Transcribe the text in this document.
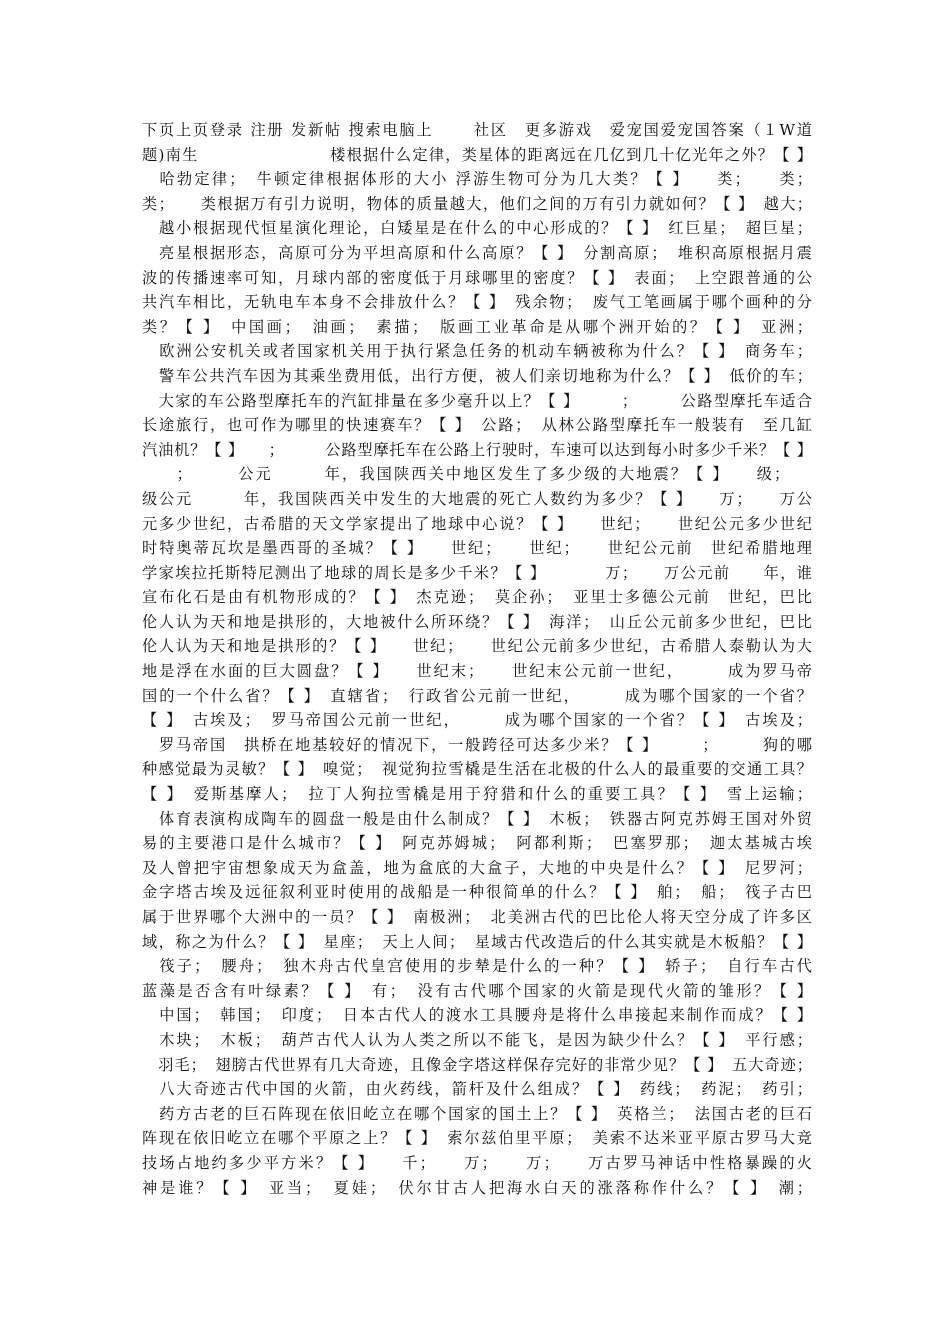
下页上页登录 注册 发新帖 搜索电脑上　　 社区　更多游戏　爱宠国爱宠国答案（１W道
题)南生　　　　　　　　楼根据什么定律，类星体的距离远在几亿到几十亿光年之外？【 】
　哈勃定律；　牛顿定律根据体形的大小 浮游生物可分为几大类？【 】　　类；　　类；
类；　　类根据万有引力说明，物体的质量越大，他们之间的万有引力就如何？【 】　越大；
　越小根据现代恒星演化理论，白矮星是在什么的中心形成的？【 】　红巨星；　超巨星；
　亮星根据形态，高原可分为平坦高原和什么高原？【 】　分割高原；　堆积高原根据月震
波的传播速率可知，月球内部的密度低于月球哪里的密度？【 】　表面；　上空跟普通的公
共汽车相比，无轨电车本身不会排放什么？【 】　残余物；　废气工笔画属于哪个画种的分
类？【 】　中国画；　油画；　素描；　版画工业革命是从哪个洲开始的？【 】　亚洲；
　欧洲公安机关或者国家机关用于执行紧急任务的机动车辆被称为什么？【 】　商务车；
　警车公共汽车因为其乘坐费用低，出行方便，被人们亲切地称为什么？【 】　低价的车；
　大家的车公路型摩托车的汽缸排量在多少毫升以上？【 】　　　；　　　公路型摩托车适合
长途旅行，也可作为哪里的快速赛车？【 】　公路；　从林公路型摩托车一般装有　至几缸
汽油机？【 】　　；　　　公路型摩托车在公路上行驶时，车速可以达到每小时多少千米？【 】
　　；　　　公元　　　年，我国陕西关中地区发生了多少级的大地震？【 】　　级；　　
级公元　　　年，我国陕西关中发生的大地震的死亡人数约为多少？【 】　　万；　　万公
元多少世纪，古希腊的天文学家提出了地球中心说？【 】　　世纪；　　世纪公元多少世纪
时特奥蒂瓦坎是墨西哥的圣城？【 】　　世纪；　　世纪；　　世纪公元前　世纪希腊地理
学家埃拉托斯特尼测出了地球的周长是多少千米？【 】　　　　万；　　万公元前　　年，谁
宣布化石是由有机物形成的？【 】　杰克逊；　莫企孙；　亚里士多德公元前　世纪，巴比
伦人认为天和地是拱形的，大地被什么所环绕？【 】　海洋；　山丘公元前多少世纪，巴比
伦人认为天和地是拱形的？【 】　　世纪；　　世纪公元前多少世纪，古希腊人泰勒认为大
地是浮在水面的巨大圆盘？【 】　　世纪末；　　世纪末公元前一世纪，　　　成为罗马帝
国的一个什么省？【 】　直辖省；　行政省公元前一世纪，　　　成为哪个国家的一个省？
【 】　古埃及；　罗马帝国公元前一世纪，　　　成为哪个国家的一个省？【 】　古埃及；
　罗马帝国　拱桥在地基较好的情况下，一般跨径可达多少米？【 】　　　；　　　狗的哪
种感觉最为灵敏？【 】　嗅觉；　视觉狗拉雪橇是生活在北极的什么人的最重要的交通工具？
【 】　爱斯基摩人；　拉丁人狗拉雪橇是用于狩猎和什么的重要工具？【 】　雪上运输；
　体育表演构成陶车的圆盘一般是由什么制成？【 】　木板；　铁器古阿克苏姆王国对外贸
易的主要港口是什么城市？【 】　阿克苏姆城；　阿都利斯；　巴塞罗那；　迦太基城古埃
及人曾把宇宙想象成天为盒盖，地为盒底的大盒子，大地的中央是什么？【 】　尼罗河；
金字塔古埃及远征叙利亚时使用的战船是一种很简单的什么？【 】　舶；　船；　筏子古巴
属于世界哪个大洲中的一员？【 】　南极洲；　北美洲古代的巴比伦人将天空分成了许多区
域，称之为什么？【 】　星座；　天上人间；　星域古代改造后的什么其实就是木板船？【 】
　筏子；　腰舟；　独木舟古代皇宫使用的步辇是什么的一种？【 】　轿子；　自行车古代
蓝藻是否含有叶绿素？【 】　有；　没有古代哪个国家的火箭是现代火箭的雏形？【 】
　中国；　韩国；　印度；　日本古代人的渡水工具腰舟是将什么串接起来制作而成？【 】
　木块；　木板；　葫芦古代人认为人类之所以不能飞，是因为缺少什么？【 】　平行感；
　羽毛；　翅膀古代世界有几大奇迹，且像金字塔这样保存完好的非常少见？【 】　五大奇迹；
　八大奇迹古代中国的火箭，由火药线，箭杆及什么组成？【 】　药线；　药泥；　药引；
　药方古老的巨石阵现在依旧屹立在哪个国家的国土上？【 】　英格兰；　法国古老的巨石
阵现在依旧屹立在哪个平原之上？【 】　索尔兹伯里平原；　美索不达米亚平原古罗马大竞
技场占地约多少平方米？【 】　　千；　　万；　　万；　　万古罗马神话中性格暴躁的火
神是谁？【 】　亚当；　夏娃；　伏尔甘古人把海水白天的涨落称作什么？【 】　潮；
